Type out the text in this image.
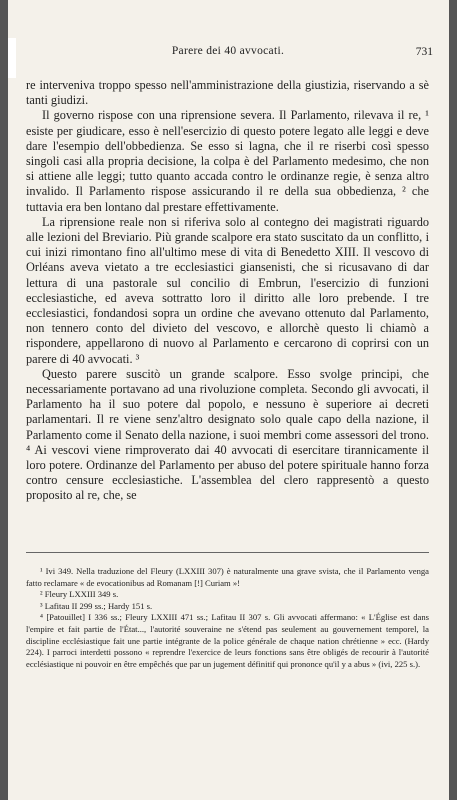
Parere dei 40 avvocati.	731

re interveniva troppo spesso nell'amministrazione della giustizia, riservando a sè tanti giudizi.

Il governo rispose con una riprensione severa. Il Parlamento, rilevava il re, ¹ esiste per giudicare, esso è nell'esercizio di questo potere legato alle leggi e deve dare l'esempio dell'obbedienza. Se esso si lagna, che il re riserbi così spesso singoli casi alla propria decisione, la colpa è del Parlamento medesimo, che non si attiene alle leggi; tutto quanto accada contro le ordinanze regie, è senza altro invalido. Il Parlamento rispose assicurando il re della sua obbedienza, ² che tuttavia era ben lontano dal prestare effettivamente.

La riprensione reale non si riferiva solo al contegno dei magistrati riguardo alle lezioni del Breviario. Più grande scalpore era stato suscitato da un conflitto, i cui inizi rimontano fino all'ultimo mese di vita di Benedetto XIII. Il vescovo di Orléans aveva vietato a tre ecclesiastici giansenisti, che si ricusavano di dar lettura di una pastorale sul concilio di Embrun, l'esercizio di funzioni ecclesiastiche, ed aveva sottratto loro il diritto alle loro prebende. I tre ecclesiastici, fondandosi sopra un ordine che avevano ottenuto dal Parlamento, non tennero conto del divieto del vescovo, e allorchè questo li chiamò a rispondere, appellarono di nuovo al Parlamento e cercarono di coprirsi con un parere di 40 avvocati. ³

Questo parere suscitò un grande scalpore. Esso svolge principi, che necessariamente portavano ad una rivoluzione completa. Secondo gli avvocati, il Parlamento ha il suo potere dal popolo, e nessuno è superiore ai decreti parlamentari. Il re viene senz'altro designato solo quale capo della nazione, il Parlamento come il Senato della nazione, i suoi membri come assessori del trono. ⁴ Ai vescovi viene rimproverato dai 40 avvocati di esercitare tirannicamente il loro potere. Ordinanze del Parlamento per abuso del potere spirituale hanno forza contro censure ecclesiastiche. L'assemblea del clero rappresentò a questo proposito al re, che, se

¹ Ivi 349. Nella traduzione del Fleury (LXXIII 307) è naturalmente una grave svista, che il Parlamento venga fatto reclamare « de evocationibus ad Romanam [!] Curiam »!

² Fleury LXXIII 349 s.

³ Lafitau II 299 ss.; Hardy 151 s.

⁴ [Patouillet] I 336 ss.; Fleury LXXIII 471 ss.; Lafitau II 307 s. Gli avvocati affermano: « L'Église est dans l'empire et fait partie de l'État..., l'autorité souveraine ne s'étend pas seulement au gouvernement temporel, la discipline ecclésiastique fait une partie intégrante de la police générale de chaque nation chrétienne » ecc. (Hardy 224). I parroci interdetti possono « reprendre l'exercice de leurs fonctions sans être obligés de recourir à l'autorité ecclésiastique ni pouvoir en être empêchés que par un jugement définitif qui prononce qu'il y a abus » (ivi, 225 s.).
